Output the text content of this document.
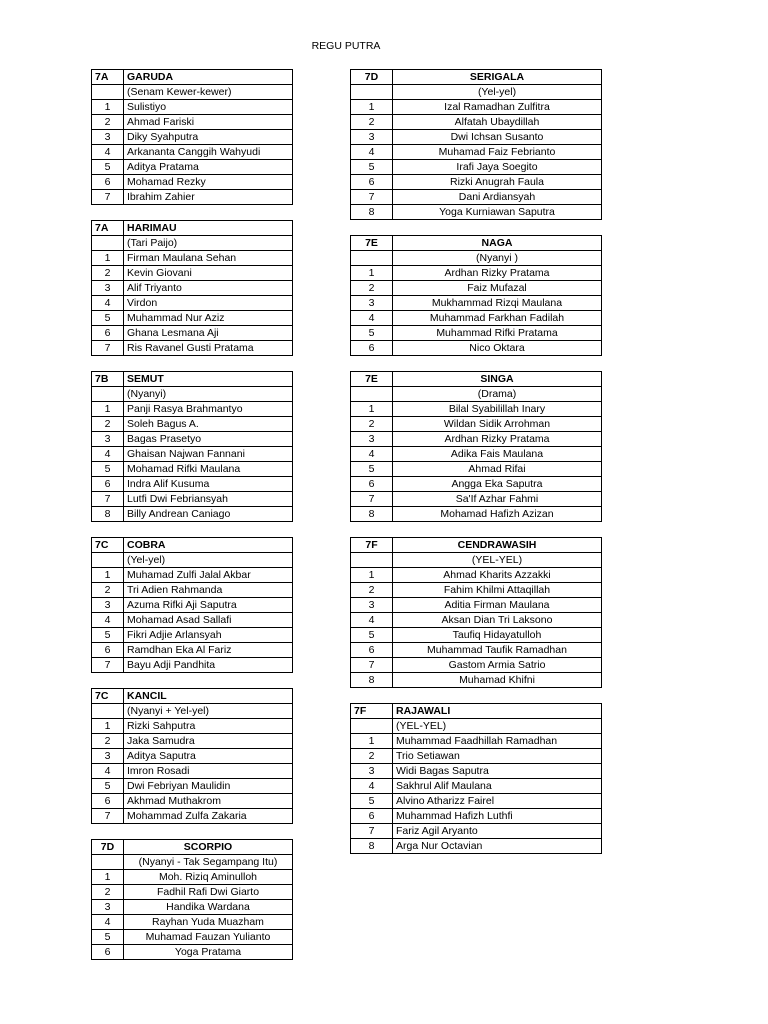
REGU PUTRA
7A	GARUDA
	(Senam Kewer-kewer)
1	Sulistiyo
2	Ahmad Fariski
3	Diky Syahputra
4	Arkananta Canggih Wahyudi
5	Aditya Pratama
6	Mohamad Rezky
7	Ibrahim Zahier
7A	HARIMAU
	(Tari Paijo)
1	Firman Maulana Sehan
2	Kevin Giovani
3	Alif Triyanto
4	Virdon
5	Muhammad Nur Aziz
6	Ghana Lesmana Aji
7	Ris Ravanel Gusti Pratama
7B	SEMUT
	(Nyanyi)
1	Panji Rasya Brahmantyo
2	Soleh Bagus A.
3	Bagas Prasetyo
4	Ghaisan Najwan Fannani
5	Mohamad Rifki Maulana
6	Indra Alif Kusuma
7	Lutfi Dwi Febriansyah
8	Billy Andrean Caniago
7C	COBRA
	(Yel-yel)
1	Muhamad Zulfi Jalal Akbar
2	Tri Adien Rahmanda
3	Azuma Rifki Aji Saputra
4	Mohamad Asad Sallafi
5	Fikri Adjie Arlansyah
6	Ramdhan Eka Al Fariz
7	Bayu Adji Pandhita
7C	KANCIL
	(Nyanyi + Yel-yel)
1	Rizki Sahputra
2	Jaka Samudra
3	Aditya Saputra
4	Imron Rosadi
5	Dwi Febriyan Maulidin
6	Akhmad Muthakrom
7	Mohammad Zulfa Zakaria
7D	SCORPIO
	(Nyanyi - Tak Segampang Itu)
1	Moh. Riziq Aminulloh
2	Fadhil Rafi Dwi Giarto
3	Handika Wardana
4	Rayhan Yuda Muazham
5	Muhamad Fauzan Yulianto
6	Yoga Pratama
7D	SERIGALA
	(Yel-yel)
1	Izal Ramadhan Zulfitra
2	Alfatah Ubaydillah
3	Dwi Ichsan Susanto
4	Muhamad Faiz Febrianto
5	Irafi Jaya Soegito
6	Rizki Anugrah Faula
7	Dani Ardiansyah
8	Yoga Kurniawan Saputra
7E	NAGA
	(Nyanyi )
1	Ardhan Rizky Pratama
2	Faiz Mufazal
3	Mukhammad Rizqi Maulana
4	Muhammad Farkhan Fadilah
5	Muhammad Rifki Pratama
6	Nico Oktara
7E	SINGA
	(Drama)
1	Bilal Syabilillah Inary
2	Wildan Sidik Arrohman
3	Ardhan Rizky Pratama
4	Adika Fais Maulana
5	Ahmad Rifai
6	Angga Eka Saputra
7	Sa'If Azhar Fahmi
8	Mohamad Hafizh Azizan
7F	CENDRAWASIH
	(YEL-YEL)
1	Ahmad Kharits Azzakki
2	Fahim Khilmi Attaqillah
3	Aditia Firman Maulana
4	Aksan Dian Tri Laksono
5	Taufiq Hidayatulloh
6	Muhammad Taufik Ramadhan
7	Gastom Armia Satrio
8	Muhamad Khifni
7F	RAJAWALI
	(YEL-YEL)
1	Muhammad Faadhillah Ramadhan
2	Trio Setiawan
3	Widi Bagas Saputra
4	Sakhrul Alif Maulana
5	Alvino Atharizz Fairel
6	Muhammad Hafizh Luthfi
7	Fariz Agil Aryanto
8	Arga Nur Octavian
